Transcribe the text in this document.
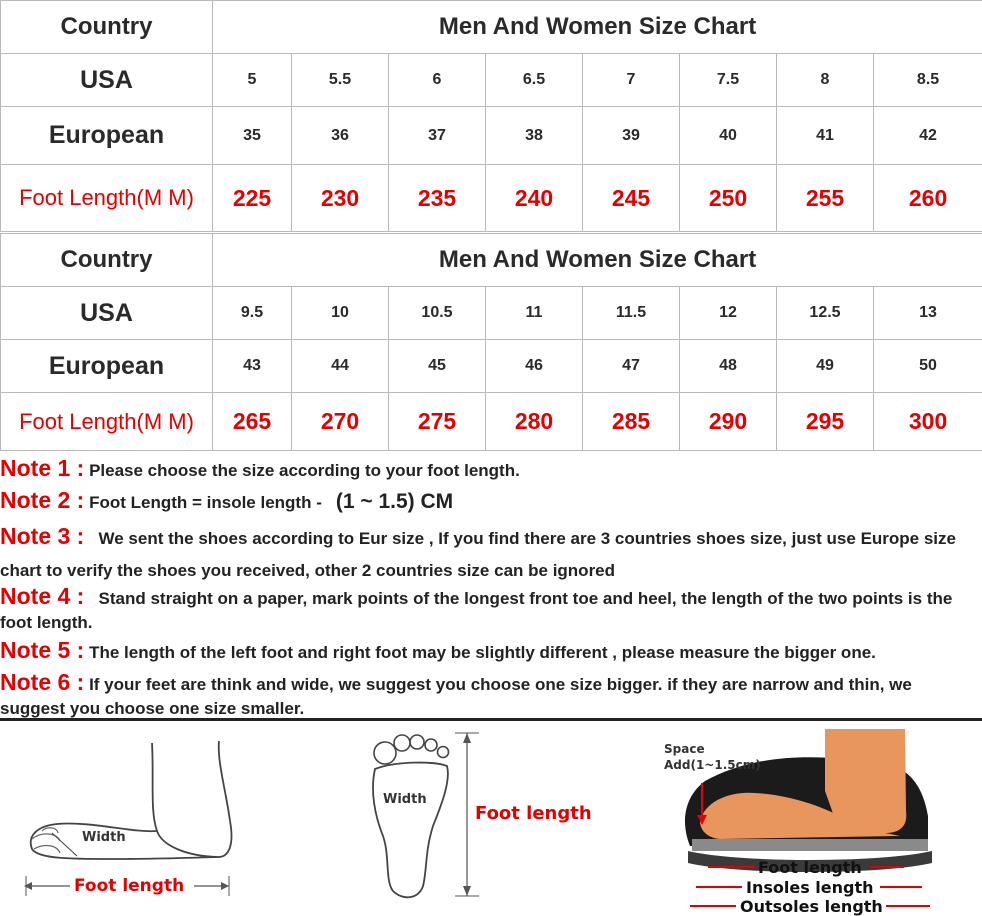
Country	Men And Women Size Chart							
USA	5	5.5	6	6.5	7	7.5	8	8.5
European	35	36	37	38	39	40	41	42
Foot Length(M M)	225	230	235	240	245	250	255	260
Country	Men And Women Size Chart							
USA	9.5	10	10.5	11	11.5	12	12.5	13
European	43	44	45	46	47	48	49	50
Foot Length(M M)	265	270	275	280	285	290	295	300
Note 1 : Please choose the size according to your foot length.
Note 2 : Foot Length = insole length - (1 ~ 1.5) CM
Note 3 : We sent the shoes according to Eur size , If you find there are 3 countries shoes size, just use Europe size chart to verify the shoes you received, other 2 countries size can be ignored
Note 4 : Stand straight on a paper, mark points of the longest front toe and heel, the length of the two points is the foot length.
Note 5 : The length of the left foot and right foot may be slightly different , please measure the bigger one.
Note 6 : If your feet are think and wide, we suggest you choose one size bigger. if they are narrow and thin, we suggest you choose one size smaller.
Width
Foot length
Width
Foot length
Space
Add(1~1.5cm)
Foot length
Insoles length
Outsoles length
